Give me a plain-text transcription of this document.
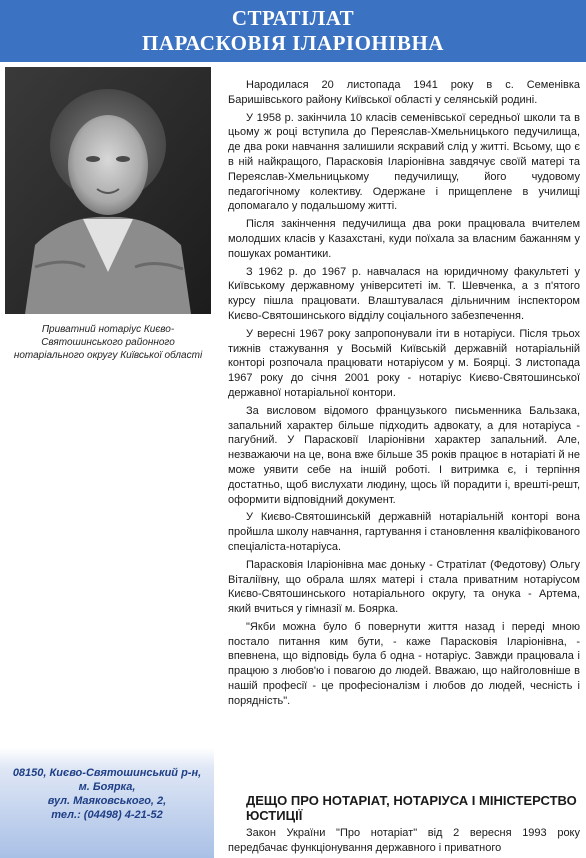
СТРАТІЛАТ
ПАРАСКОВІЯ ІЛАРІОНІВНА
Приватний нотаріус Києво-Святошинського районного нотаріального округу Київської області
08150, Києво-Святошинський р-н,
м. Боярка,
вул. Маяковського, 2,
тел.: (04498) 4-21-52

Народилася 20 листопада 1941 року в с. Семенівка Баришівського району Київської області у селянській родині.

У 1958 р. закінчила 10 класів семенівської середньої школи та в цьому ж році вступила до Переяслав-Хмельницького педучилища, де два роки навчання залишили яскравий слід у житті. Всьому, що є в ній найкращого, Парасковія Іларіонівна завдячує своїй матері та Переяслав-Хмельницькому педучилищу, його чудовому педагогічному колективу. Одержане і прищеплене в училищі допомагало у подальшому житті.

Після закінчення педучилища два роки працювала вчителем молодших класів у Казахстані, куди поїхала за власним бажанням у пошуках романтики.

З 1962 р. до 1967 р. навчалася на юридичному факультеті у Київському державному університеті ім. Т. Шевченка, а з п'ятого курсу пішла працювати. Влаштувалася дільничним інспектором Києво-Святошинського відділу соціального забезпечення.

У вересні 1967 року запропонували іти в нотаріуси. Після трьох тижнів стажування у Восьмій Київській державній нотаріальній конторі розпочала працювати нотаріусом у м. Боярці. З листопада 1967 року до січня 2001 року - нотаріус Києво-Святошинської державної нотаріальної контори.

За висловом відомого французького письменника Бальзака, запальний характер більше підходить адвокату, а для нотаріуса - пагубний. У Парасковії Іларіонівни характер запальний. Але, незважаючи на це, вона вже більше 35 років працює в нотаріаті й не може уявити себе на іншій роботі. І витримка є, і терпіння достатньо, щоб вислухати людину, щось їй порадити і, врешті-решт, оформити відповідний документ.

У Києво-Святошинській державній нотаріальній конторі вона пройшла школу навчання, гартування і становлення кваліфікованого спеціаліста-нотаріуса.

Парасковія Іларіонівна має доньку - Стратілат (Федотову) Ольгу Віталіївну, що обрала шлях матері і стала приватним нотаріусом Києво-Святошинського нотаріального округу, та онука - Артема, який вчиться у гімназії м. Боярка.

"Якби можна було б повернути життя назад і переді мною постало питання ким бути, - каже Парасковія Іларіонівна, - впевнена, що відповідь була б одна - нотаріус. Завжди працювала і працюю з любов'ю і повагою до людей. Вважаю, що найголовніше в нашій професії - це професіоналізм і любов до людей, чесність і порядність".

ДЕЩО ПРО НОТАРІАТ, НОТАРІУСА І МІНІСТЕРСТВО ЮСТИЦІЇ

Закон України "Про нотаріат" від 2 вересня 1993 року передбачає функціонування державного і приватного
